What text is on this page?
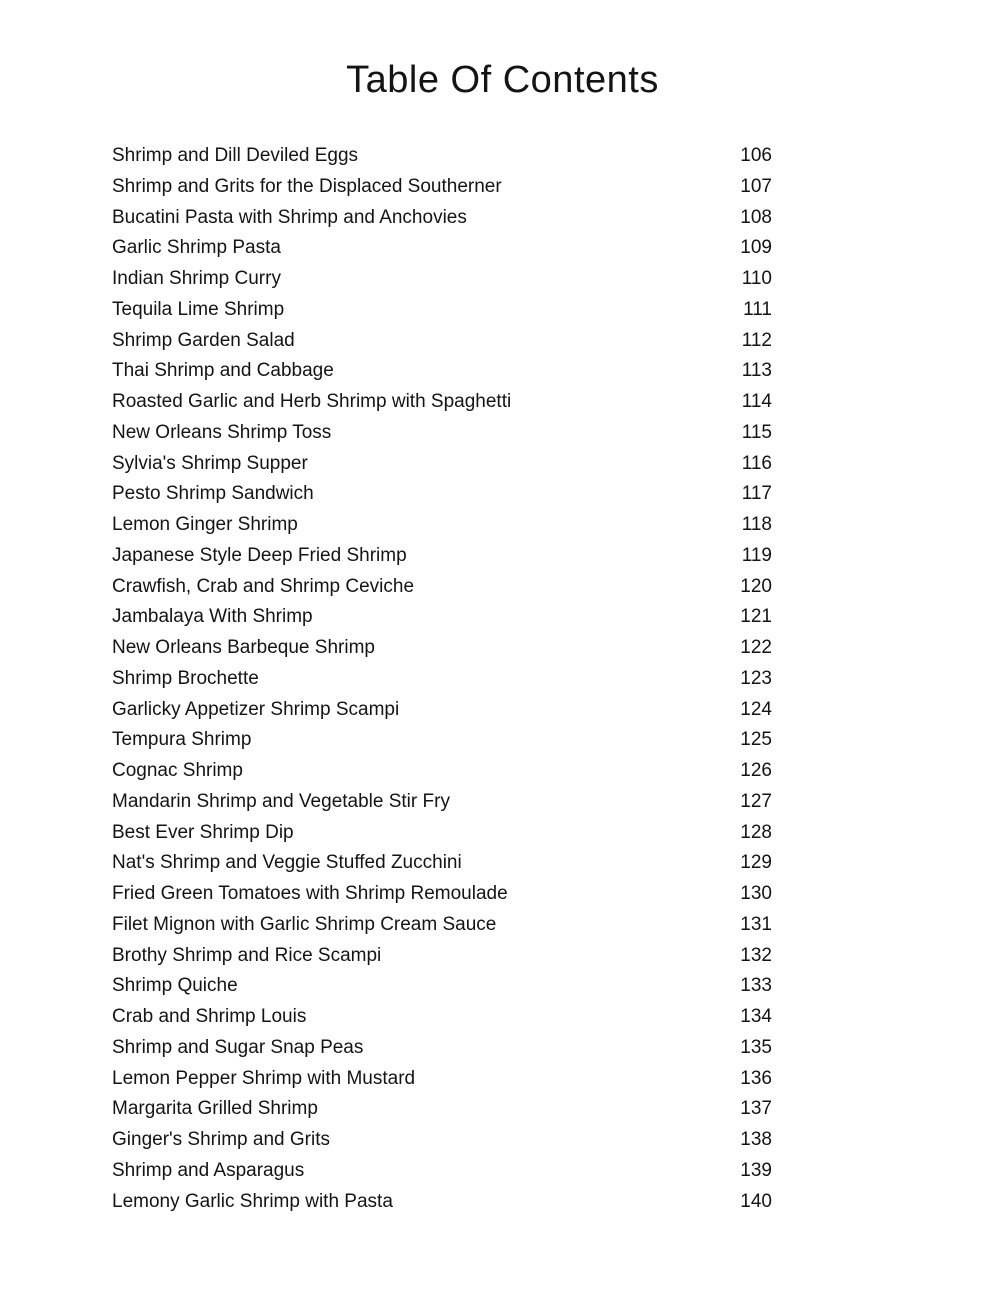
Table Of Contents
Shrimp and Dill Deviled Eggs	106
Shrimp and Grits for the Displaced Southerner	107
Bucatini Pasta with Shrimp and Anchovies	108
Garlic Shrimp Pasta	109
Indian Shrimp Curry	110
Tequila Lime Shrimp	111
Shrimp Garden Salad	112
Thai Shrimp and Cabbage	113
Roasted Garlic and Herb Shrimp with Spaghetti	114
New Orleans Shrimp Toss	115
Sylvia's Shrimp Supper	116
Pesto Shrimp Sandwich	117
Lemon Ginger Shrimp	118
Japanese Style Deep Fried Shrimp	119
Crawfish, Crab and Shrimp Ceviche	120
Jambalaya With Shrimp	121
New Orleans Barbeque Shrimp	122
Shrimp Brochette	123
Garlicky Appetizer Shrimp Scampi	124
Tempura Shrimp	125
Cognac Shrimp	126
Mandarin Shrimp and Vegetable Stir Fry	127
Best Ever Shrimp Dip	128
Nat's Shrimp and Veggie Stuffed Zucchini	129
Fried Green Tomatoes with Shrimp Remoulade	130
Filet Mignon with Garlic Shrimp Cream Sauce	131
Brothy Shrimp and Rice Scampi	132
Shrimp Quiche	133
Crab and Shrimp Louis	134
Shrimp and Sugar Snap Peas	135
Lemon Pepper Shrimp with Mustard	136
Margarita Grilled Shrimp	137
Ginger's Shrimp and Grits	138
Shrimp and Asparagus	139
Lemony Garlic Shrimp with Pasta	140
